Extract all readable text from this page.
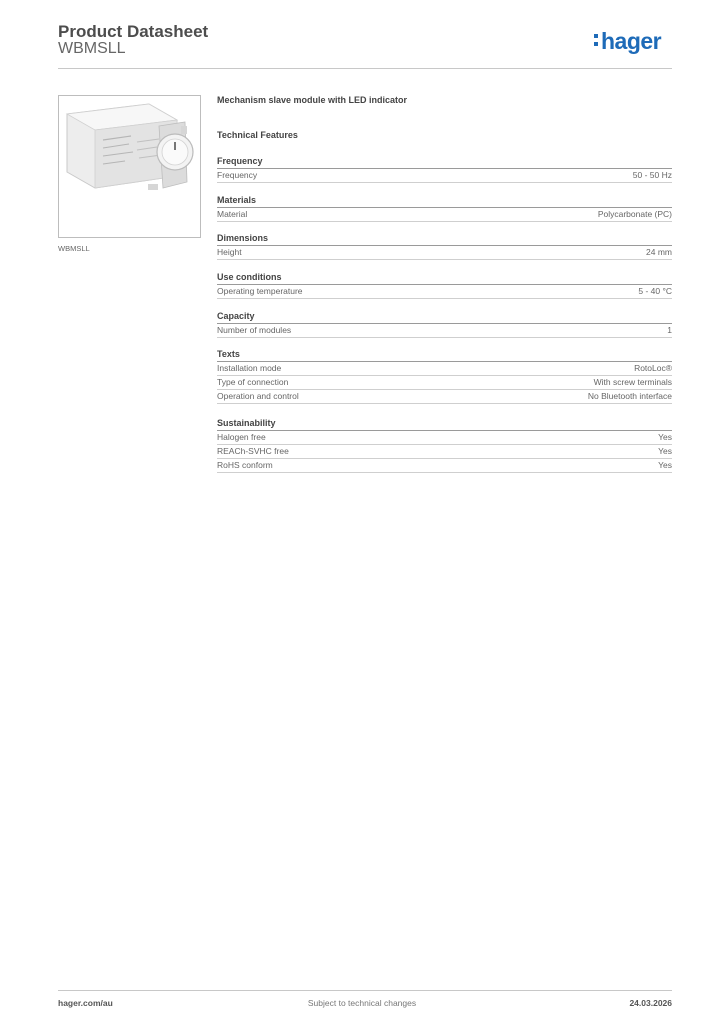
Product Datasheet
WBMSLL	hager
WBMSLL
Mechanism slave module with LED indicator
Technical Features
Frequency
Frequency	50 - 50 Hz
Materials
Material	Polycarbonate (PC)
Dimensions
Height	24 mm
Use conditions
Operating temperature	5 - 40 °C
Capacity
Number of modules	1
Texts
Installation mode	RotoLoc®
Type of connection	With screw terminals
Operation and control	No Bluetooth interface
Sustainability
Halogen free	Yes
REACh-SVHC free	Yes
RoHS conform	Yes
hager.com/au	Subject to technical changes	24.03.2026
